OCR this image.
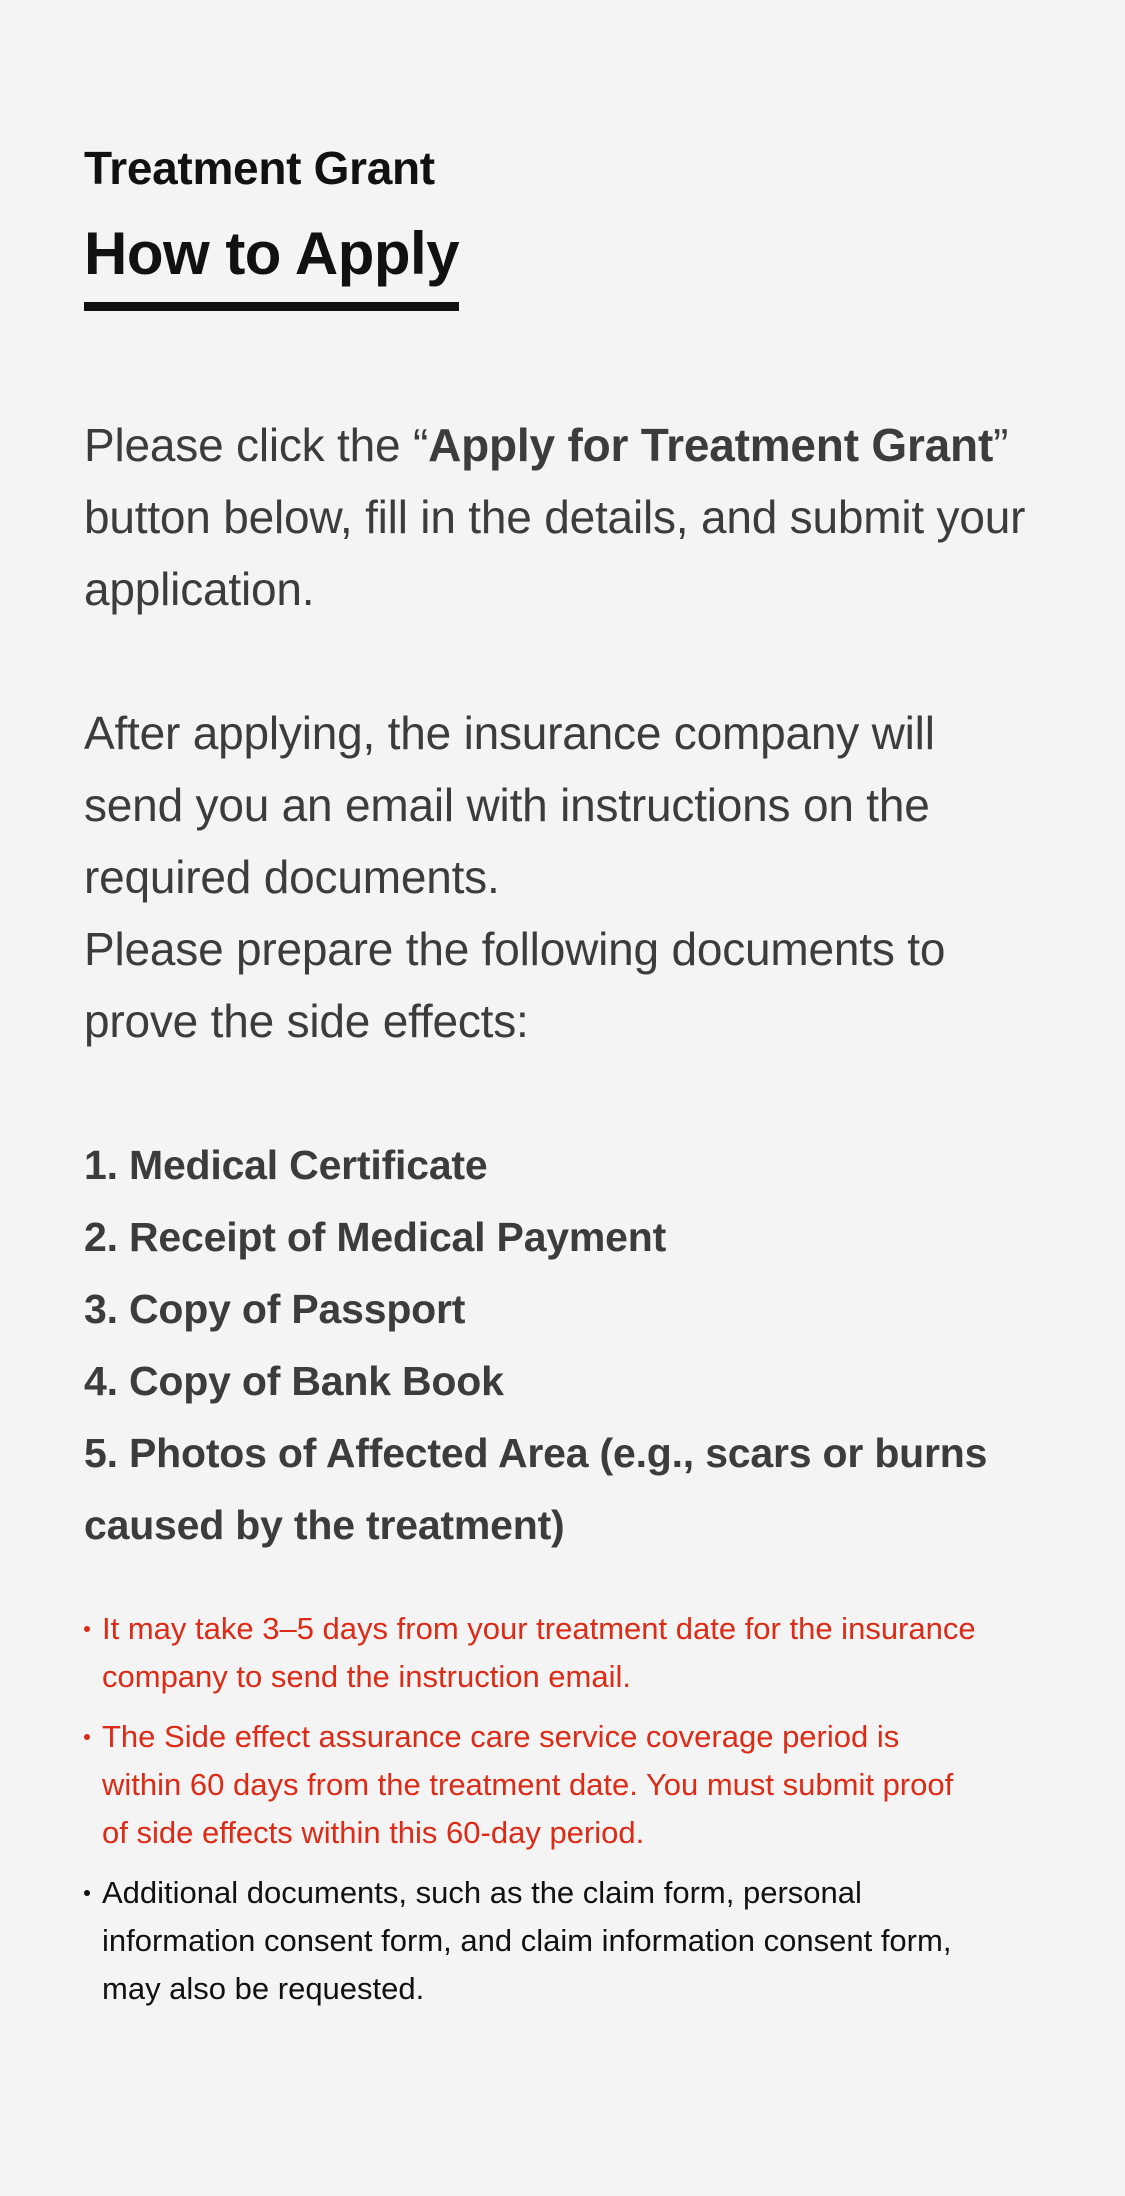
Treatment Grant
How to Apply

Please click the “Apply for Treatment Grant” button below, fill in the details, and submit your application.

After applying, the insurance company will send you an email with instructions on the required documents.

Please prepare the following documents to prove the side effects:

1. Medical Certificate
2. Receipt of Medical Payment
3. Copy of Passport
4. Copy of Bank Book
5. Photos of Affected Area (e.g., scars or burns caused by the treatment)
It may take 3–5 days from your treatment date for the insurance company to send the instruction email.
The Side effect assurance care service coverage period is within 60 days from the treatment date. You must submit proof of side effects within this 60-day period.
Additional documents, such as the claim form, personal information consent form, and claim information consent form, may also be requested.
